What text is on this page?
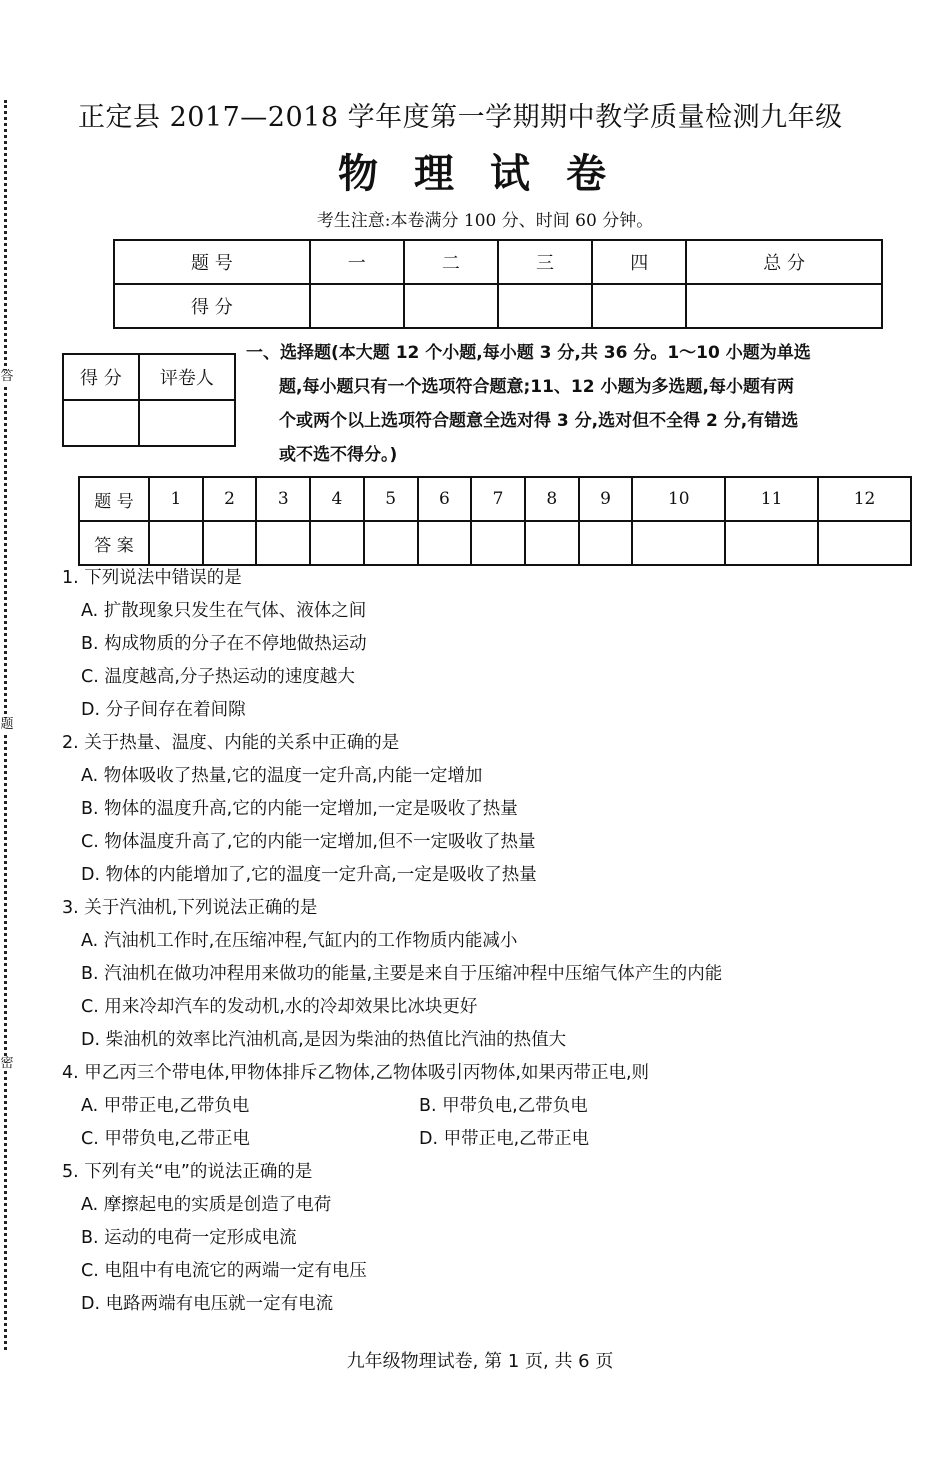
答
题
密
正定县 2017—2018 学年度第一学期期中教学质量检测九年级
物理试卷
考生注意:本卷满分 100 分、时间 60 分钟。
题 号	一	二	三	四	总 分
得 分					
得 分	评卷人

一、选择题(本大题 12 个小题,每小题 3 分,共 36 分。1～10 小题为单选
题,每小题只有一个选项符合题意;11、12 小题为多选题,每小题有两
个或两个以上选项符合题意全选对得 3 分,选对但不全得 2 分,有错选
或不选不得分。)
题 号	1	2	3	4	5	6	7	8	9	10	11	12
答 案												
1. 下列说法中错误的是
A. 扩散现象只发生在气体、液体之间
B. 构成物质的分子在不停地做热运动
C. 温度越高,分子热运动的速度越大
D. 分子间存在着间隙
2. 关于热量、温度、内能的关系中正确的是
A. 物体吸收了热量,它的温度一定升高,内能一定增加
B. 物体的温度升高,它的内能一定增加,一定是吸收了热量
C. 物体温度升高了,它的内能一定增加,但不一定吸收了热量
D. 物体的内能增加了,它的温度一定升高,一定是吸收了热量
3. 关于汽油机,下列说法正确的是
A. 汽油机工作时,在压缩冲程,气缸内的工作物质内能减小
B. 汽油机在做功冲程用来做功的能量,主要是来自于压缩冲程中压缩气体产生的内能
C. 用来冷却汽车的发动机,水的冷却效果比冰块更好
D. 柴油机的效率比汽油机高,是因为柴油的热值比汽油的热值大
4. 甲乙丙三个带电体,甲物体排斥乙物体,乙物体吸引丙物体,如果丙带正电,则
A. 甲带正电,乙带负电	B. 甲带负电,乙带负电
C. 甲带负电,乙带正电	D. 甲带正电,乙带正电
5. 下列有关“电”的说法正确的是
A. 摩擦起电的实质是创造了电荷
B. 运动的电荷一定形成电流
C. 电阻中有电流它的两端一定有电压
D. 电路两端有电压就一定有电流
九年级物理试卷, 第 1 页, 共 6 页
